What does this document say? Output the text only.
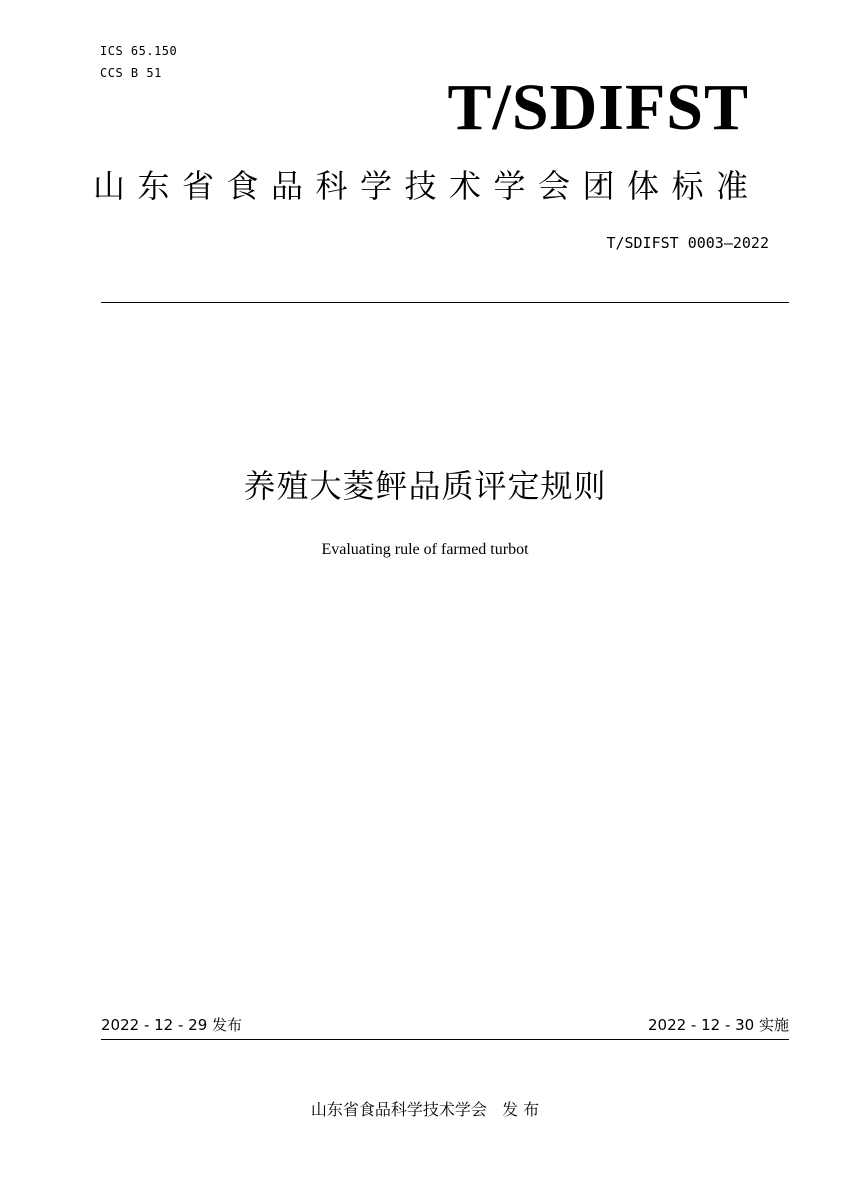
ICS 65.150
CCS B 51	T/SDIFST
山东省食品科学技术学会团体标准
T/SDIFST 0003—2022
养殖大菱鲆品质评定规则
Evaluating rule of farmed turbot
2022 - 12 - 29 发布	2022 - 12 - 30 实施
山东省食品科学技术学会   发 布
